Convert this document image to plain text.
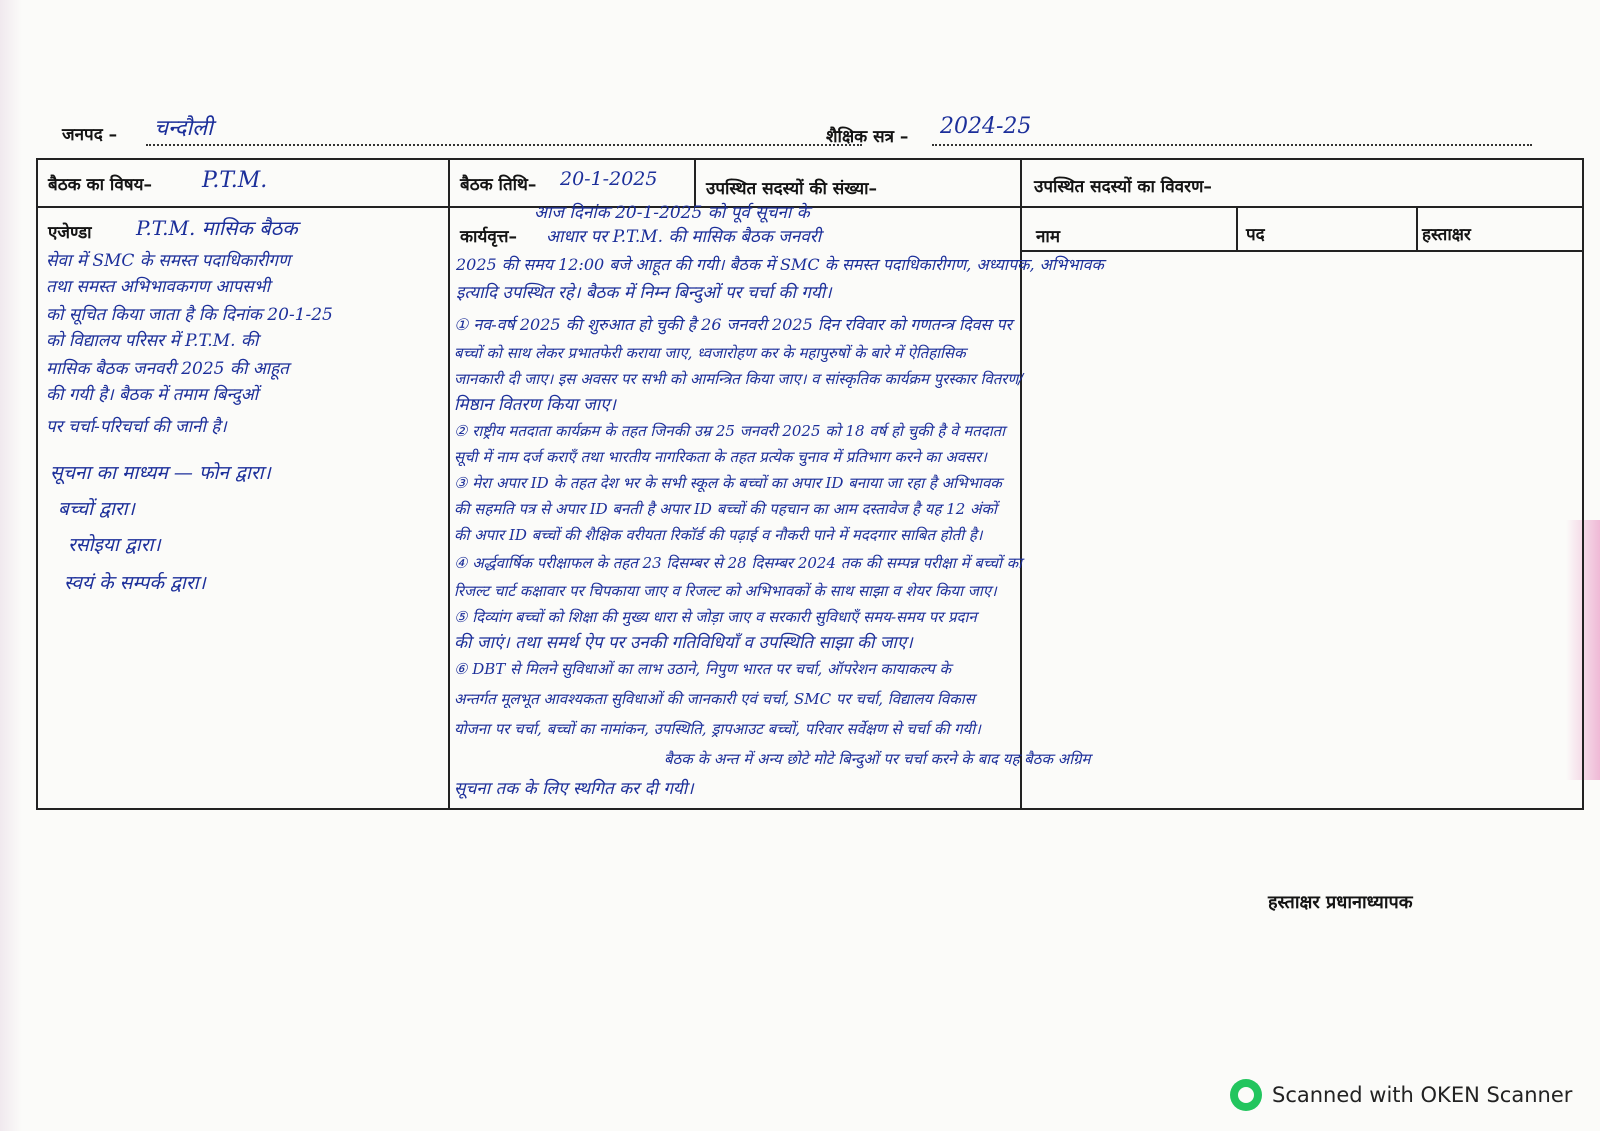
जनपद – चन्दौली	शैक्षिक सत्र – 2024-25
बैठक का विषय– P.T.M.	बैठक तिथि– 20-1-2025	उपस्थित सदस्यों की संख्या–	उपस्थित सदस्यों का विवरण–
एजेण्डा P.T.M. मासिक बैठक	कार्यवृत्त–	नाम	पद	हस्ताक्षर
सेवा में SMC के समस्त पदाधिकारीगण
तथा समस्त अभिभावकगण आपसभी
को सूचित किया जाता है कि दिनांक 20-1-25
को विद्यालय परिसर में P.T.M. की
मासिक बैठक जनवरी 2025 की आहूत
की गयी है। बैठक में तमाम बिन्दुओं
पर चर्चा-परिचर्चा की जानी है।
सूचना का माध्यम — फोन द्वारा।
बच्चों द्वारा।
रसोइया द्वारा।
स्वयं के सम्पर्क द्वारा।
आज दिनांक 20-1-2025 को पूर्व सूचना के
आधार पर P.T.M. की मासिक बैठक जनवरी
2025 की समय 12:00 बजे आहूत की गयी। बैठक में SMC के समस्त पदाधिकारीगण, अध्यापक, अभिभावक
इत्यादि उपस्थित रहे। बैठक में निम्न बिन्दुओं पर चर्चा की गयी।
① नव-वर्ष 2025 की शुरुआत हो चुकी है 26 जनवरी 2025 दिन रविवार को गणतन्त्र दिवस पर
बच्चों को साथ लेकर प्रभातफेरी कराया जाए, ध्वजारोहण कर के महापुरुषों के बारे में ऐतिहासिक
जानकारी दी जाए। इस अवसर पर सभी को आमन्त्रित किया जाए। व सांस्कृतिक कार्यक्रम पुरस्कार वितरण/
मिष्ठान वितरण किया जाए।
② राष्ट्रीय मतदाता कार्यक्रम के तहत जिनकी उम्र 25 जनवरी 2025 को 18 वर्ष हो चुकी है वे मतदाता
सूची में नाम दर्ज कराएँ तथा भारतीय नागरिकता के तहत प्रत्येक चुनाव में प्रतिभाग करने का अवसर।
③ मेरा अपार ID के तहत देश भर के सभी स्कूल के बच्चों का अपार ID बनाया जा रहा है अभिभावक
की सहमति पत्र से अपार ID बनती है अपार ID बच्चों की पहचान का आम दस्तावेज है यह 12 अंकों
की अपार ID बच्चों की शैक्षिक वरीयता रिकॉर्ड की पढ़ाई व नौकरी पाने में मददगार साबित होती है।
④ अर्द्धवार्षिक परीक्षाफल के तहत 23 दिसम्बर से 28 दिसम्बर 2024 तक की सम्पन्न परीक्षा में बच्चों का
रिजल्ट चार्ट कक्षावार पर चिपकाया जाए व रिजल्ट को अभिभावकों के साथ साझा व शेयर किया जाए।
⑤ दिव्यांग बच्चों को शिक्षा की मुख्य धारा से जोड़ा जाए व सरकारी सुविधाएँ समय-समय पर प्रदान
की जाएं। तथा समर्थ ऐप पर उनकी गतिविधियाँ व उपस्थिति साझा की जाए।
⑥ DBT से मिलने सुविधाओं का लाभ उठाने, निपुण भारत पर चर्चा, ऑपरेशन कायाकल्प के
अन्तर्गत मूलभूत आवश्यकता सुविधाओं की जानकारी एवं चर्चा, SMC पर चर्चा, विद्यालय विकास
योजना पर चर्चा, बच्चों का नामांकन, उपस्थिति, ड्रापआउट बच्चों, परिवार सर्वेक्षण से चर्चा की गयी।
बैठक के अन्त में अन्य छोटे मोटे बिन्दुओं पर चर्चा करने के बाद यह बैठक अग्रिम
सूचना तक के लिए स्थगित कर दी गयी।
हस्ताक्षर प्रधानाध्यापक
Scanned with OKEN Scanner
